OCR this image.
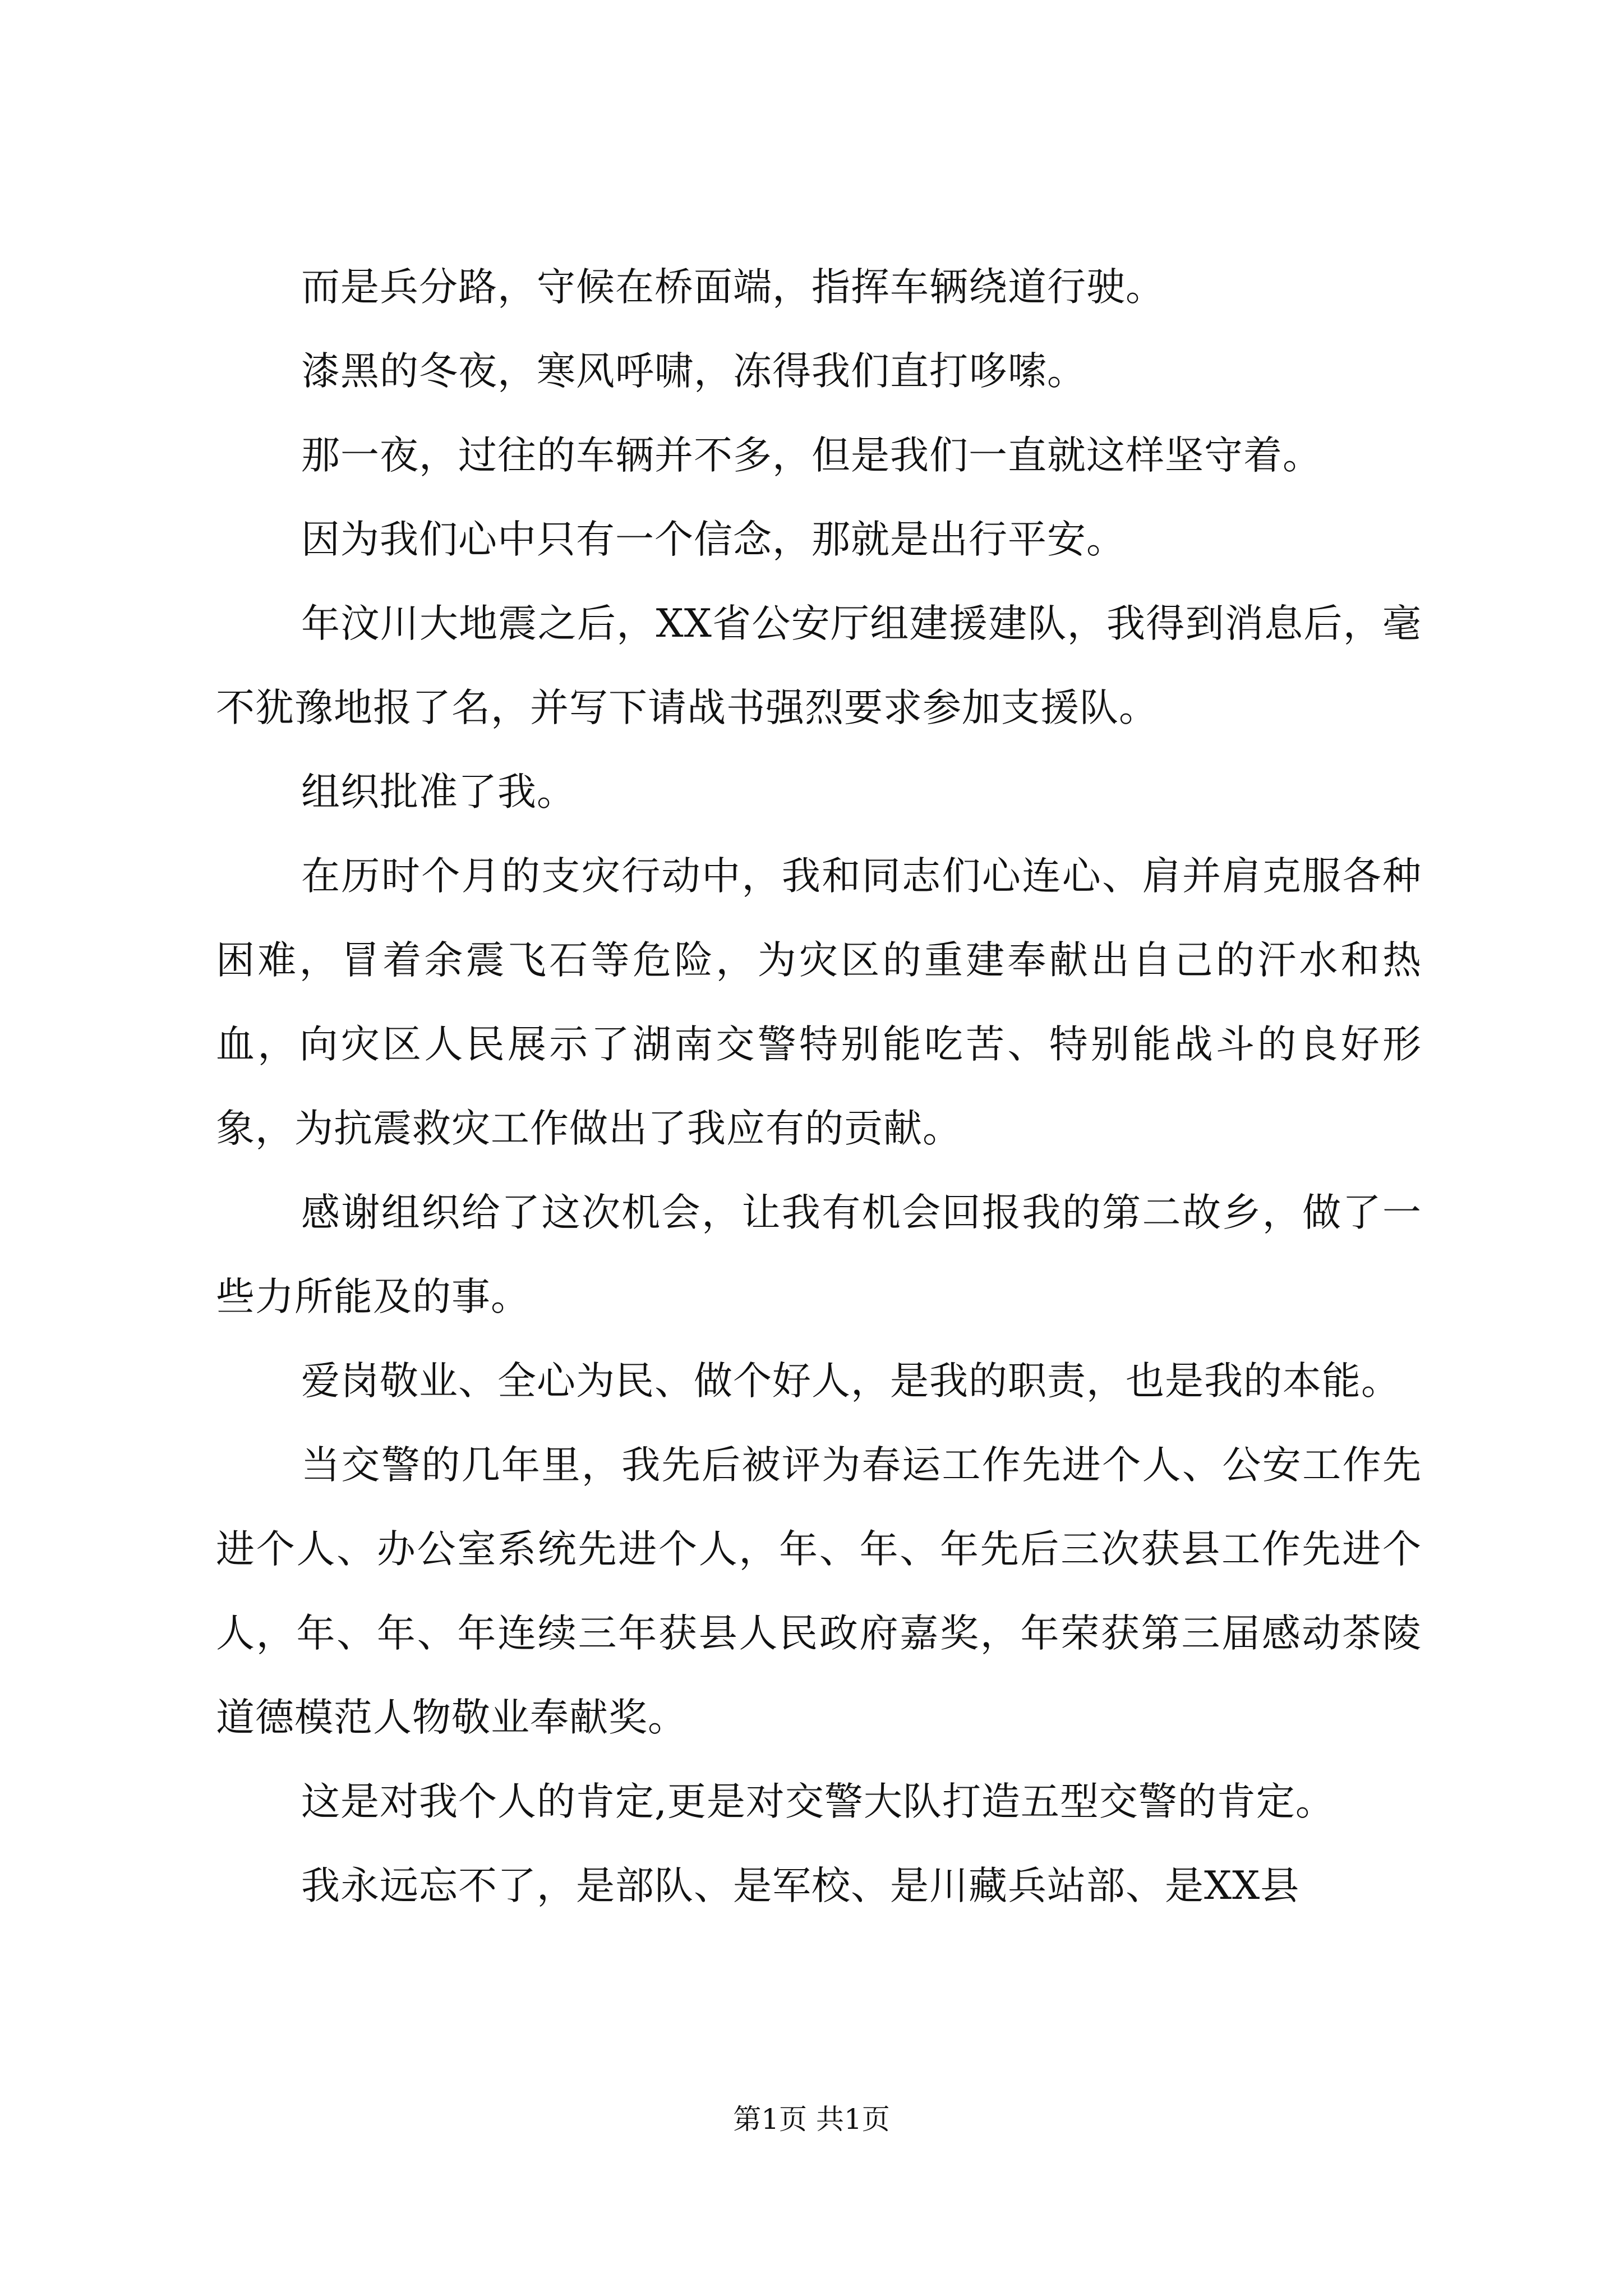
而是兵分路，守候在桥面端，指挥车辆绕道行驶。

漆黑的冬夜，寒风呼啸，冻得我们直打哆嗦。

那一夜，过往的车辆并不多，但是我们一直就这样坚守着。

因为我们心中只有一个信念，那就是出行平安。

年汶川大地震之后，XX省公安厅组建援建队，我得到消息后，毫不犹豫地报了名，并写下请战书强烈要求参加支援队。

组织批准了我。

在历时个月的支灾行动中，我和同志们心连心、肩并肩克服各种困难，冒着余震飞石等危险，为灾区的重建奉献出自己的汗水和热血，向灾区人民展示了湖南交警特别能吃苦、特别能战斗的良好形象，为抗震救灾工作做出了我应有的贡献。

感谢组织给了这次机会，让我有机会回报我的第二故乡，做了一些力所能及的事。

爱岗敬业、全心为民、做个好人，是我的职责，也是我的本能。

当交警的几年里，我先后被评为春运工作先进个人、公安工作先进个人、办公室系统先进个人，年、年、年先后三次获县工作先进个人，年、年、年连续三年获县人民政府嘉奖，年荣获第三届感动茶陵道德模范人物敬业奉献奖。

这是对我个人的肯定,更是对交警大队打造五型交警的肯定。

我永远忘不了，是部队、是军校、是川藏兵站部、是XX县

第1页 共1页
